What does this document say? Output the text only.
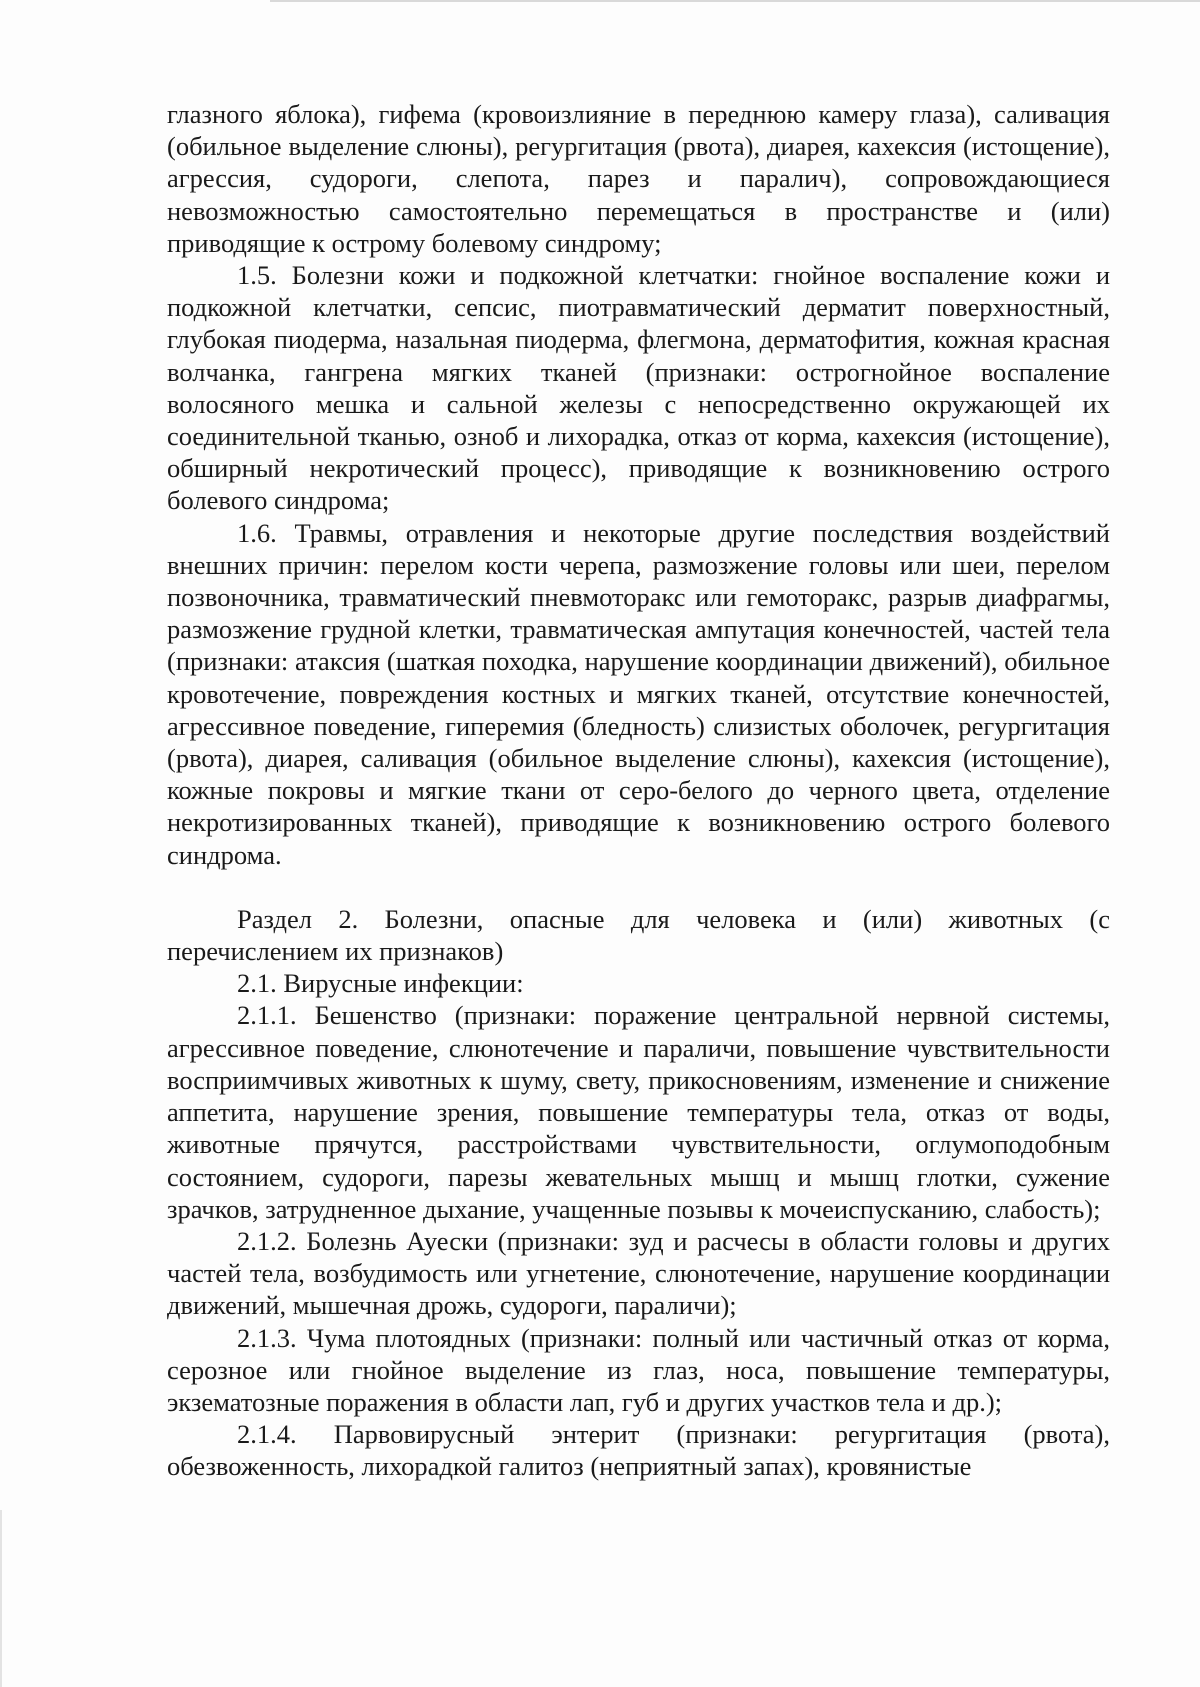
глазного яблока), гифема (кровоизлияние в переднюю камеру глаза), саливация (обильное выделение слюны), регургитация (рвота), диарея, кахексия (истощение), агрессия, судороги, слепота, парез и паралич), сопровождающиеся невозможностью самостоятельно перемещаться в пространстве и (или) приводящие к острому болевому синдрому;

1.5. Болезни кожи и подкожной клетчатки: гнойное воспаление кожи и подкожной клетчатки, сепсис, пиотравматический дерматит поверхностный, глубокая пиодерма, назальная пиодерма, флегмона, дерматофития, кожная красная волчанка, гангрена мягких тканей (признаки: острогнойное воспаление волосяного мешка и сальной железы с непосредственно окружающей их соединительной тканью, озноб и лихорадка, отказ от корма, кахексия (истощение), обширный некротический процесс), приводящие к возникновению острого болевого синдрома;

1.6. Травмы, отравления и некоторые другие последствия воздействий внешних причин: перелом кости черепа, размозжение головы или шеи, перелом позвоночника, травматический пневмоторакс или гемоторакс, разрыв диафрагмы, размозжение грудной клетки, травматическая ампутация конечностей, частей тела (признаки: атаксия (шаткая походка, нарушение координации движений), обильное кровотечение, повреждения костных и мягких тканей, отсутствие конечностей, агрессивное поведение, гиперемия (бледность) слизистых оболочек, регургитация (рвота), диарея, саливация (обильное выделение слюны), кахексия (истощение), кожные покровы и мягкие ткани от серо-белого до черного цвета, отделение некротизированных тканей), приводящие к возникновению острого болевого синдрома.

Раздел 2. Болезни, опасные для человека и (или) животных (с перечислением их признаков)

2.1. Вирусные инфекции:

2.1.1. Бешенство (признаки: поражение центральной нервной системы, агрессивное поведение, слюнотечение и параличи, повышение чувствительности восприимчивых животных к шуму, свету, прикосновениям, изменение и снижение аппетита, нарушение зрения, повышение температуры тела, отказ от воды, животные прячутся, расстройствами чувствительности, оглумоподобным состоянием, судороги, парезы жевательных мышц и мышц глотки, сужение зрачков, затрудненное дыхание, учащенные позывы к мочеиспусканию, слабость);

2.1.2. Болезнь Ауески (признаки: зуд и расчесы в области головы и других частей тела, возбудимость или угнетение, слюнотечение, нарушение координации движений, мышечная дрожь, судороги, параличи);

2.1.3. Чума плотоядных (признаки: полный или частичный отказ от корма, серозное или гнойное выделение из глаз, носа, повышение температуры, экзематозные поражения в области лап, губ и других участков тела и др.);

2.1.4. Парвовирусный энтерит (признаки: регургитация (рвота), обезвоженность, лихорадкой галитоз (неприятный запах), кровянистые
